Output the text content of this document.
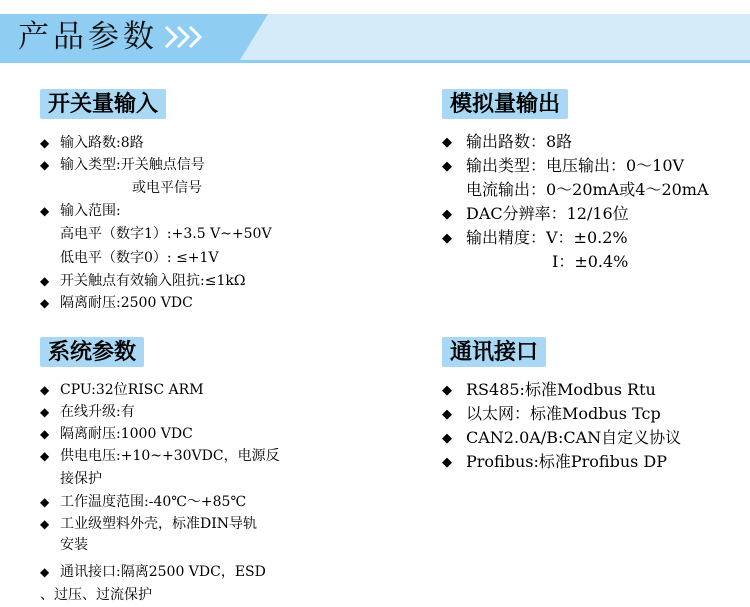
产品参数
开关量输入
◆ 输入路数:8路
◆ 输入类型:开关触点信号
或电平信号
◆ 输入范围:
高电平（数字1）:+3.5 V~+50V
低电平（数字0）: ≤+1V
◆ 开关触点有效输入阻抗:≤1kΩ
◆ 隔离耐压:2500 VDC
模拟量输出
◆ 输出路数：8路
◆ 输出类型：电压输出：0～10V
电流输出：0～20mA或4～20mA
◆ DAC分辨率：12/16位
◆ 输出精度：V：±0.2%
I：±0.4%
系统参数
◆ CPU:32位RISC ARM
◆ 在线升级:有
◆ 隔离耐压:1000 VDC
◆ 供电电压:+10~+30VDC，电源反
接保护
◆ 工作温度范围:-40℃～+85℃
◆ 工业级塑料外壳，标准DIN导轨
安装
◆ 通讯接口:隔离2500 VDC，ESD
、过压、过流保护
通讯接口
◆ RS485:标准Modbus Rtu
◆ 以太网：标准Modbus Tcp
◆ CAN2.0A/B:CAN自定义协议
◆ Profibus:标准Profibus DP
